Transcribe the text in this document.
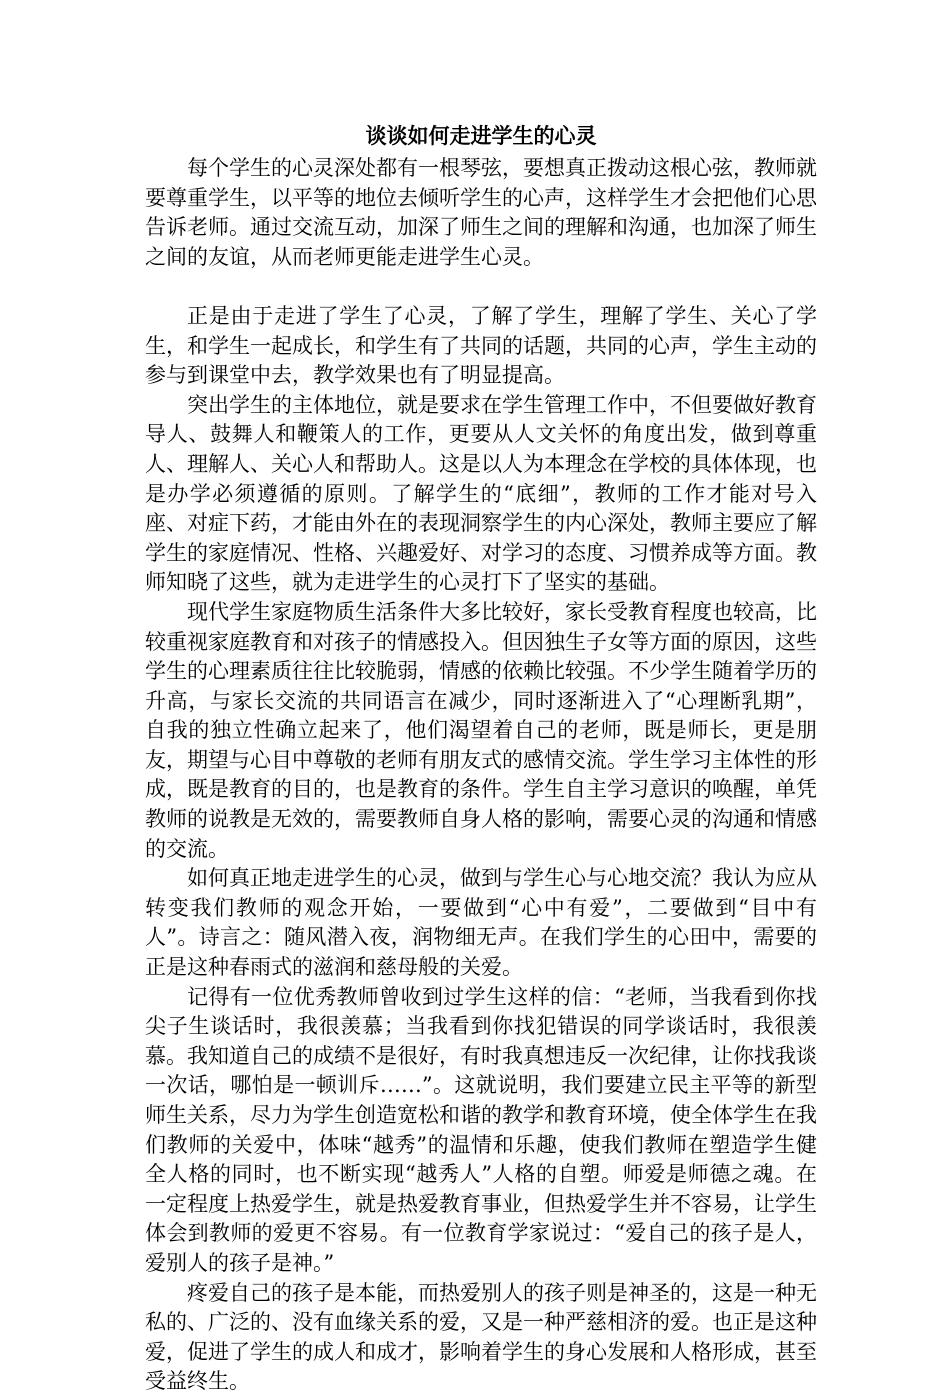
谈谈如何走进学生的心灵

每个学生的心灵深处都有一根琴弦，要想真正拨动这根心弦，教师就要尊重学生，以平等的地位去倾听学生的心声，这样学生才会把他们心思告诉老师。通过交流互动，加深了师生之间的理解和沟通，也加深了师生之间的友谊，从而老师更能走进学生心灵。

正是由于走进了学生了心灵，了解了学生，理解了学生、关心了学生，和学生一起成长，和学生有了共同的话题，共同的心声，学生主动的参与到课堂中去，教学效果也有了明显提高。

突出学生的主体地位，就是要求在学生管理工作中，不但要做好教育导人、鼓舞人和鞭策人的工作，更要从人文关怀的角度出发，做到尊重人、理解人、关心人和帮助人。这是以人为本理念在学校的具体体现，也是办学必须遵循的原则。了解学生的“底细”，教师的工作才能对号入座、对症下药，才能由外在的表现洞察学生的内心深处，教师主要应了解学生的家庭情况、性格、兴趣爱好、对学习的态度、习惯养成等方面。教师知晓了这些，就为走进学生的心灵打下了坚实的基础。

现代学生家庭物质生活条件大多比较好，家长受教育程度也较高，比较重视家庭教育和对孩子的情感投入。但因独生子女等方面的原因，这些学生的心理素质往往比较脆弱，情感的依赖比较强。不少学生随着学历的升高，与家长交流的共同语言在减少，同时逐渐进入了“心理断乳期”，自我的独立性确立起来了，他们渴望着自己的老师，既是师长，更是朋友，期望与心目中尊敬的老师有朋友式的感情交流。学生学习主体性的形成，既是教育的目的，也是教育的条件。学生自主学习意识的唤醒，单凭教师的说教是无效的，需要教师自身人格的影响，需要心灵的沟通和情感的交流。

如何真正地走进学生的心灵，做到与学生心与心地交流？我认为应从转变我们教师的观念开始，一要做到“心中有爱”，二要做到“目中有人”。诗言之：随风潜入夜，润物细无声。在我们学生的心田中，需要的正是这种春雨式的滋润和慈母般的关爱。

记得有一位优秀教师曾收到过学生这样的信：“老师，当我看到你找尖子生谈话时，我很羡慕；当我看到你找犯错误的同学谈话时，我很羡慕。我知道自己的成绩不是很好，有时我真想违反一次纪律，让你找我谈一次话，哪怕是一顿训斥……”。这就说明，我们要建立民主平等的新型师生关系，尽力为学生创造宽松和谐的教学和教育环境，使全体学生在我们教师的关爱中，体味“越秀”的温情和乐趣，使我们教师在塑造学生健全人格的同时，也不断实现“越秀人”人格的自塑。师爱是师德之魂。在一定程度上热爱学生，就是热爱教育事业，但热爱学生并不容易，让学生体会到教师的爱更不容易。有一位教育学家说过：“爱自己的孩子是人，爱别人的孩子是神。”

疼爱自己的孩子是本能，而热爱别人的孩子则是神圣的，这是一种无私的、广泛的、没有血缘关系的爱，又是一种严慈相济的爱。也正是这种爱，促进了学生的成人和成才，影响着学生的身心发展和人格形成，甚至受益终生。
